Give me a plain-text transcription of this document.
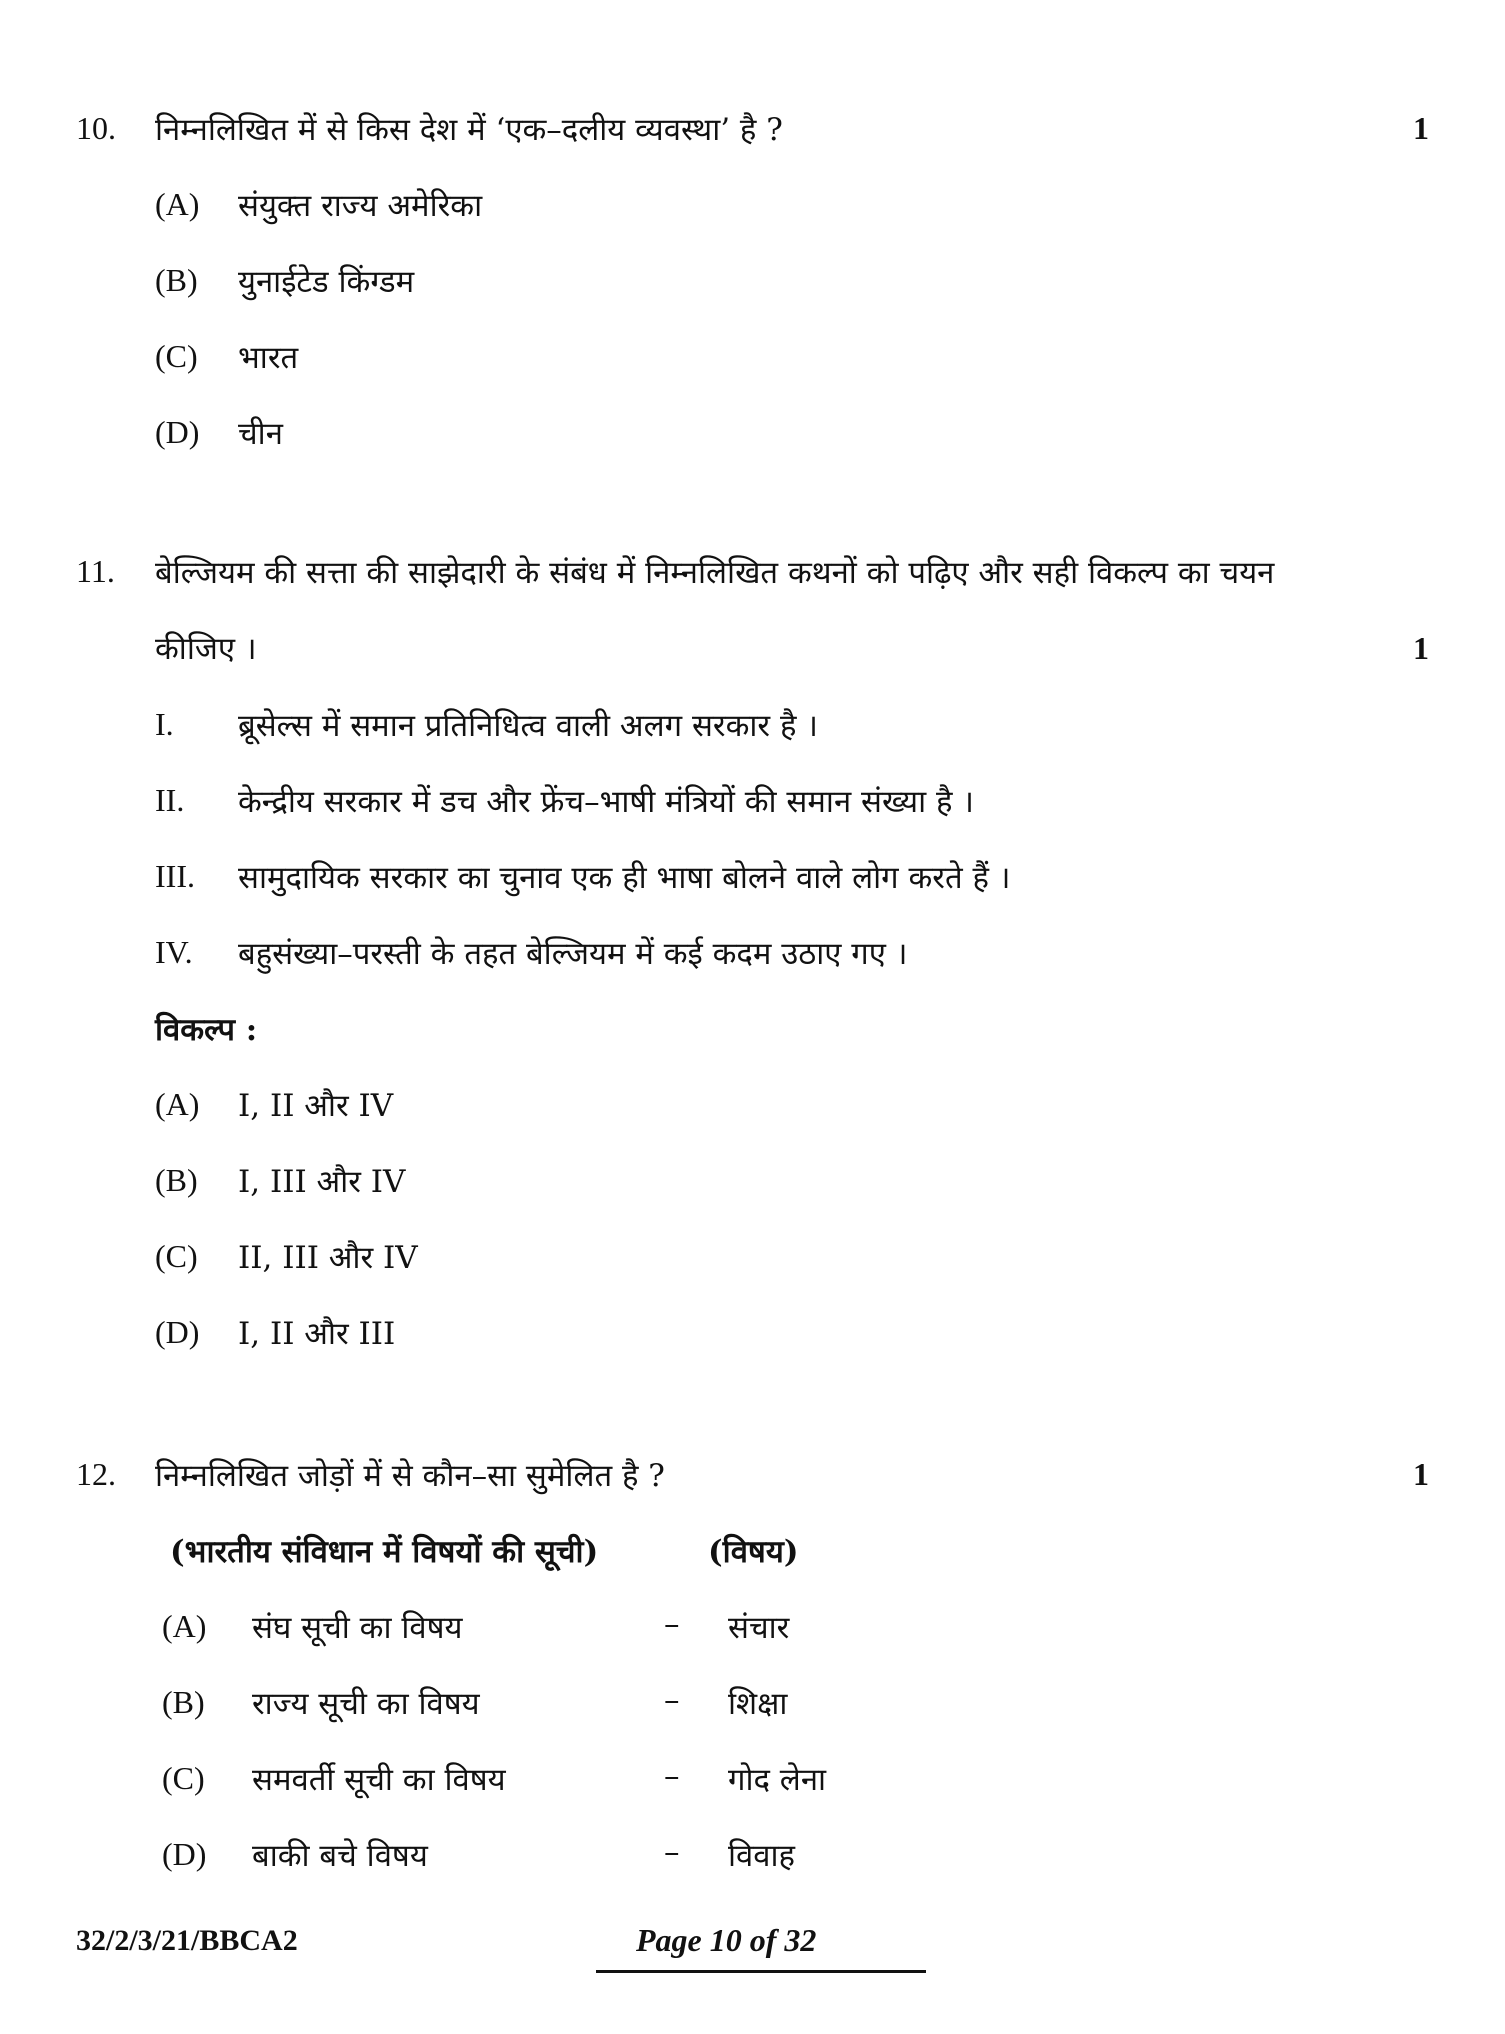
10. निम्नलिखित में से किस देश में ‘एक–दलीय व्यवस्था’ है ?	1
(A) संयुक्त राज्य अमेरिका
(B) युनाईटेड किंग्डम
(C) भारत
(D) चीन
11. बेल्जियम की सत्ता की साझेदारी के संबंध में निम्नलिखित कथनों को पढ़िए और सही विकल्प का चयन
कीजिए ।	1
I. ब्रूसेल्स में समान प्रतिनिधित्व वाली अलग सरकार है ।
II. केन्द्रीय सरकार में डच और फ्रेंच–भाषी मंत्रियों की समान संख्या है ।
III. सामुदायिक सरकार का चुनाव एक ही भाषा बोलने वाले लोग करते हैं ।
IV. बहुसंख्या–परस्ती के तहत बेल्जियम में कई कदम उठाए गए ।
विकल्प :
(A) I, II और IV
(B) I, III और IV
(C) II, III और IV
(D) I, II और III
12. निम्नलिखित जोड़ों में से कौन–सा सुमेलित है ?	1
(भारतीय संविधान में विषयों की सूची)	(विषय)
(A) संघ सूची का विषय	– संचार
(B) राज्य सूची का विषय	– शिक्षा
(C) समवर्ती सूची का विषय	– गोद लेना
(D) बाकी बचे विषय	– विवाह
32/2/3/21/BBCA2	Page 10 of 32
